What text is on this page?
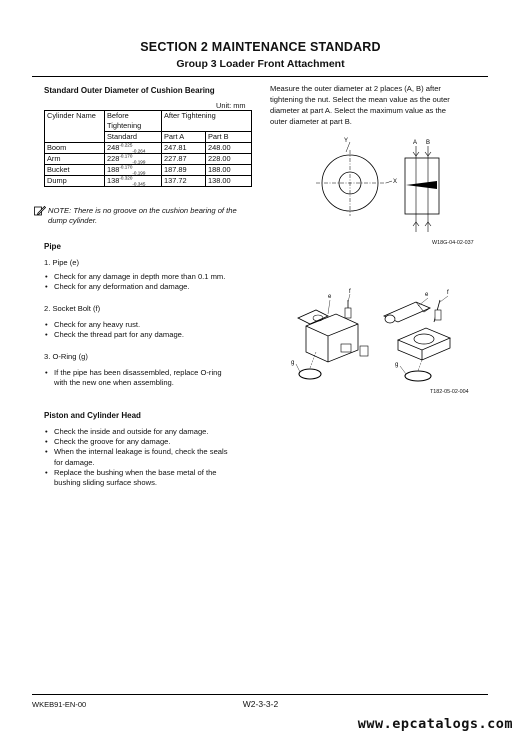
SECTION 2 MAINTENANCE STANDARD
Group 3 Loader Front Attachment
Standard Outer Diameter of Cushion Bearing
Unit: mm
Cylinder Name	Before Tightening	After Tightening	
	Standard	Part A	Part B
Boom	$248^{-0.225}_{-0.264}$	247.81	248.00
Arm	$228^{-0.170}_{-0.199}$	227.87	228.00
Bucket	$188^{-0.170}_{-0.199}$	187.89	188.00
Dump	$138^{-0.320}_{-0.345}$	137.72	138.00
NOTE: There is no groove on the cushion bearing of the
dump cylinder.
Pipe
1. Pipe (e)
• Check for any damage in depth more than 0.1 mm.
• Check for any deformation and damage.
2. Socket Bolt (f)
• Check for any heavy rust.
• Check the thread part for any damage.
3. O-Ring (g)
• If the pipe has been disassembled, replace O-ring
with the new one when assembling.
Piston and Cylinder Head
• Check the inside and outside for any damage.
• Check the groove for any damage.
• When the internal leakage is found, check the seals
for damage.
• Replace the bushing when the base metal of the
bushing sliding surface shows.
Measure the outer diameter at 2 places (A, B) after
tightening the nut. Select the mean value as the outer
diameter at part A. Select the maximum value as the
outer diameter at part B.
Y
X
A B
W18G-04-02-037
e
f
g
e	f
g
T182-05-02-004
WKEB91-EN-00	W2-3-3-2
www.epcatalogs.com
